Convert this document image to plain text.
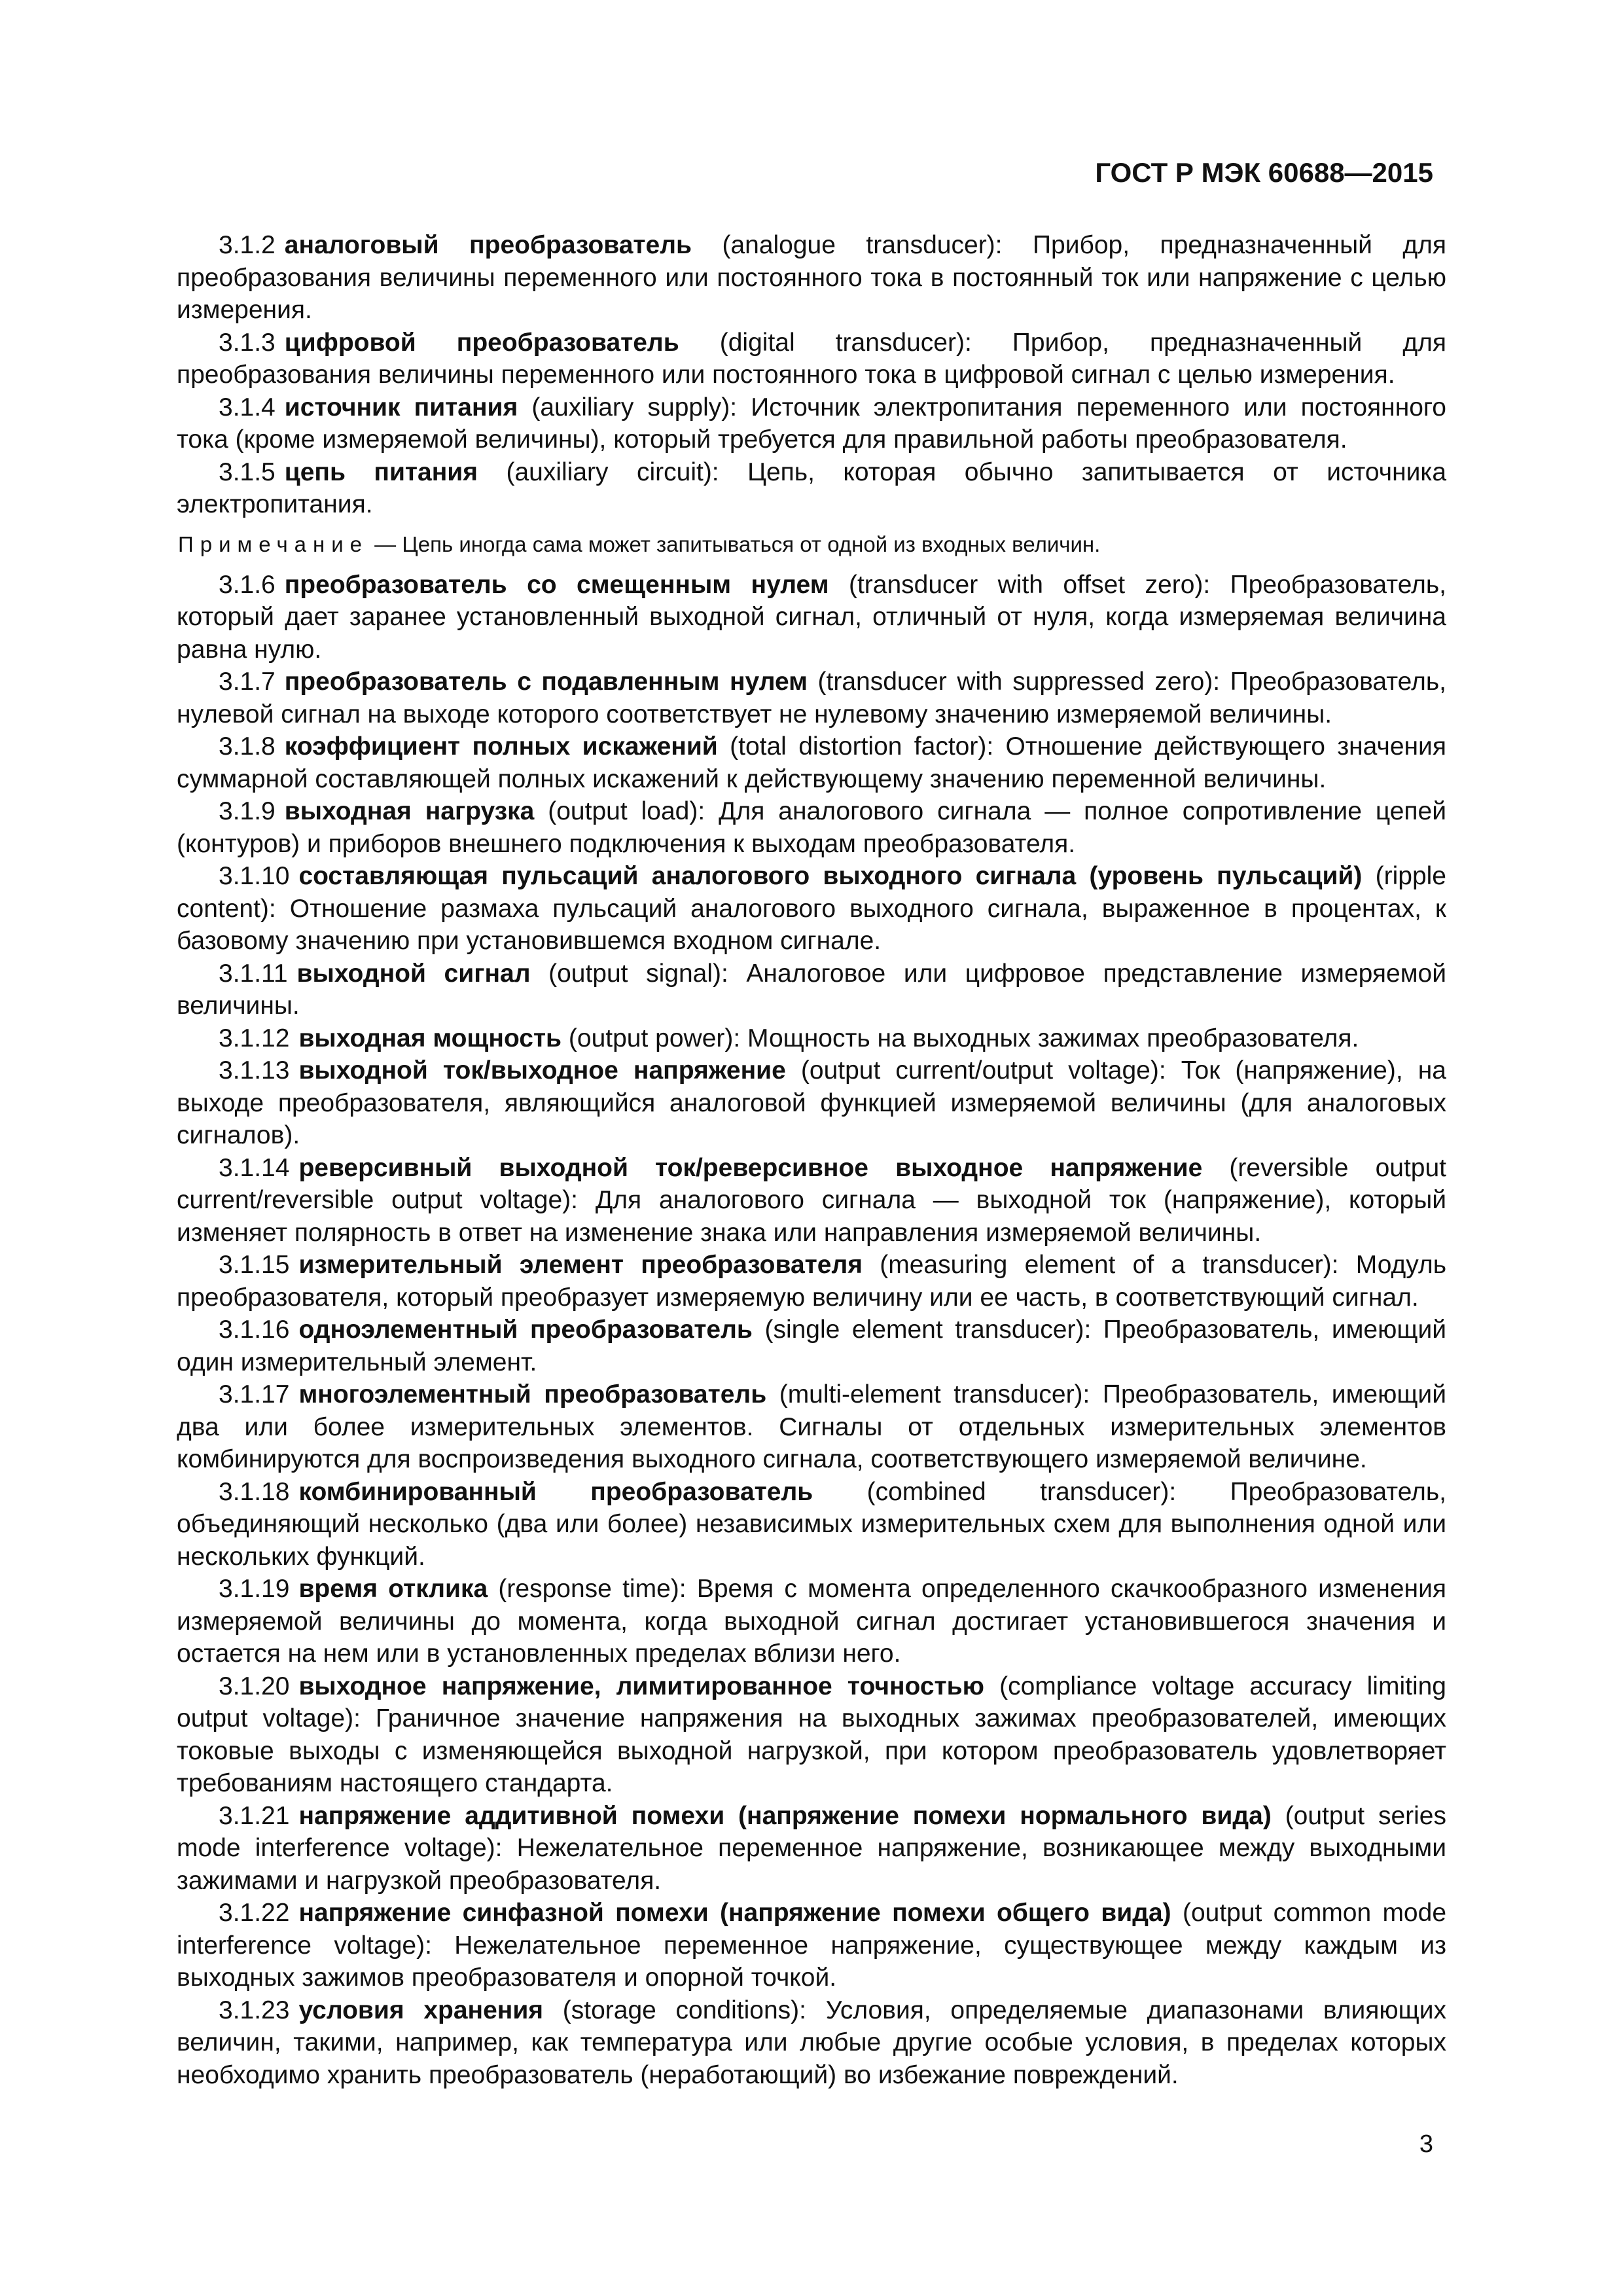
ГОСТ Р МЭК 60688—2015

3.1.2 аналоговый преобразователь (analogue transducer): Прибор, предназначенный для преобразования величины переменного или постоянного тока в постоянный ток или напряжение с целью измерения.

3.1.3 цифровой преобразователь (digital transducer): Прибор, предназначенный для преобразования величины переменного или постоянного тока в цифровой сигнал с целью измерения.

3.1.4 источник питания (auxiliary supply): Источник электропитания переменного или постоянного тока (кроме измеряемой величины), который требуется для правильной работы преобразователя.

3.1.5 цепь питания (auxiliary circuit): Цепь, которая обычно запитывается от источника электропитания.

Примечание — Цепь иногда сама может запитываться от одной из входных величин.

3.1.6 преобразователь со смещенным нулем (transducer with offset zero): Преобразователь, который дает заранее установленный выходной сигнал, отличный от нуля, когда измеряемая величина равна нулю.

3.1.7 преобразователь с подавленным нулем (transducer with suppressed zero): Преобразователь, нулевой сигнал на выходе которого соответствует не нулевому значению измеряемой величины.

3.1.8 коэффициент полных искажений (total distortion factor): Отношение действующего значения суммарной составляющей полных искажений к действующему значению переменной величины.

3.1.9 выходная нагрузка (output load): Для аналогового сигнала — полное сопротивление цепей (контуров) и приборов внешнего подключения к выходам преобразователя.

3.1.10 составляющая пульсаций аналогового выходного сигнала (уровень пульсаций) (ripple content): Отношение размаха пульсаций аналогового выходного сигнала, выраженное в процентах, к базовому значению при установившемся входном сигнале.

3.1.11 выходной сигнал (output signal): Аналоговое или цифровое представление измеряемой величины.

3.1.12 выходная мощность (output power): Мощность на выходных зажимах преобразователя.

3.1.13 выходной ток/выходное напряжение (output current/output voltage): Ток (напряжение), на выходе преобразователя, являющийся аналоговой функцией измеряемой величины (для аналоговых сигналов).

3.1.14 реверсивный выходной ток/реверсивное выходное напряжение (reversible output current/reversible output voltage): Для аналогового сигнала — выходной ток (напряжение), который изменяет полярность в ответ на изменение знака или направления измеряемой величины.

3.1.15 измерительный элемент преобразователя (measuring element of a transducer): Модуль преобразователя, который преобразует измеряемую величину или ее часть, в соответствующий сигнал.

3.1.16 одноэлементный преобразователь (single element transducer): Преобразователь, имеющий один измерительный элемент.

3.1.17 многоэлементный преобразователь (multi-element transducer): Преобразователь, имеющий два или более измерительных элементов. Сигналы от отдельных измерительных элементов комбинируются для воспроизведения выходного сигнала, соответствующего измеряемой величине.

3.1.18 комбинированный преобразователь (combined transducer): Преобразователь, объединяющий несколько (два или более) независимых измерительных схем для выполнения одной или нескольких функций.

3.1.19 время отклика (response time): Время с момента определенного скачкообразного изменения измеряемой величины до момента, когда выходной сигнал достигает установившегося значения и остается на нем или в установленных пределах вблизи него.

3.1.20 выходное напряжение, лимитированное точностью (compliance voltage accuracy limiting output voltage): Граничное значение напряжения на выходных зажимах преобразователей, имеющих токовые выходы с изменяющейся выходной нагрузкой, при котором преобразователь удовлетворяет требованиям настоящего стандарта.

3.1.21 напряжение аддитивной помехи (напряжение помехи нормального вида) (output series mode interference voltage): Нежелательное переменное напряжение, возникающее между выходными зажимами и нагрузкой преобразователя.

3.1.22 напряжение синфазной помехи (напряжение помехи общего вида) (output common mode interference voltage): Нежелательное переменное напряжение, существующее между каждым из выходных зажимов преобразователя и опорной точкой.

3.1.23 условия хранения (storage conditions): Условия, определяемые диапазонами влияющих величин, такими, например, как температура или любые другие особые условия, в пределах которых необходимо хранить преобразователь (неработающий) во избежание повреждений.

3
